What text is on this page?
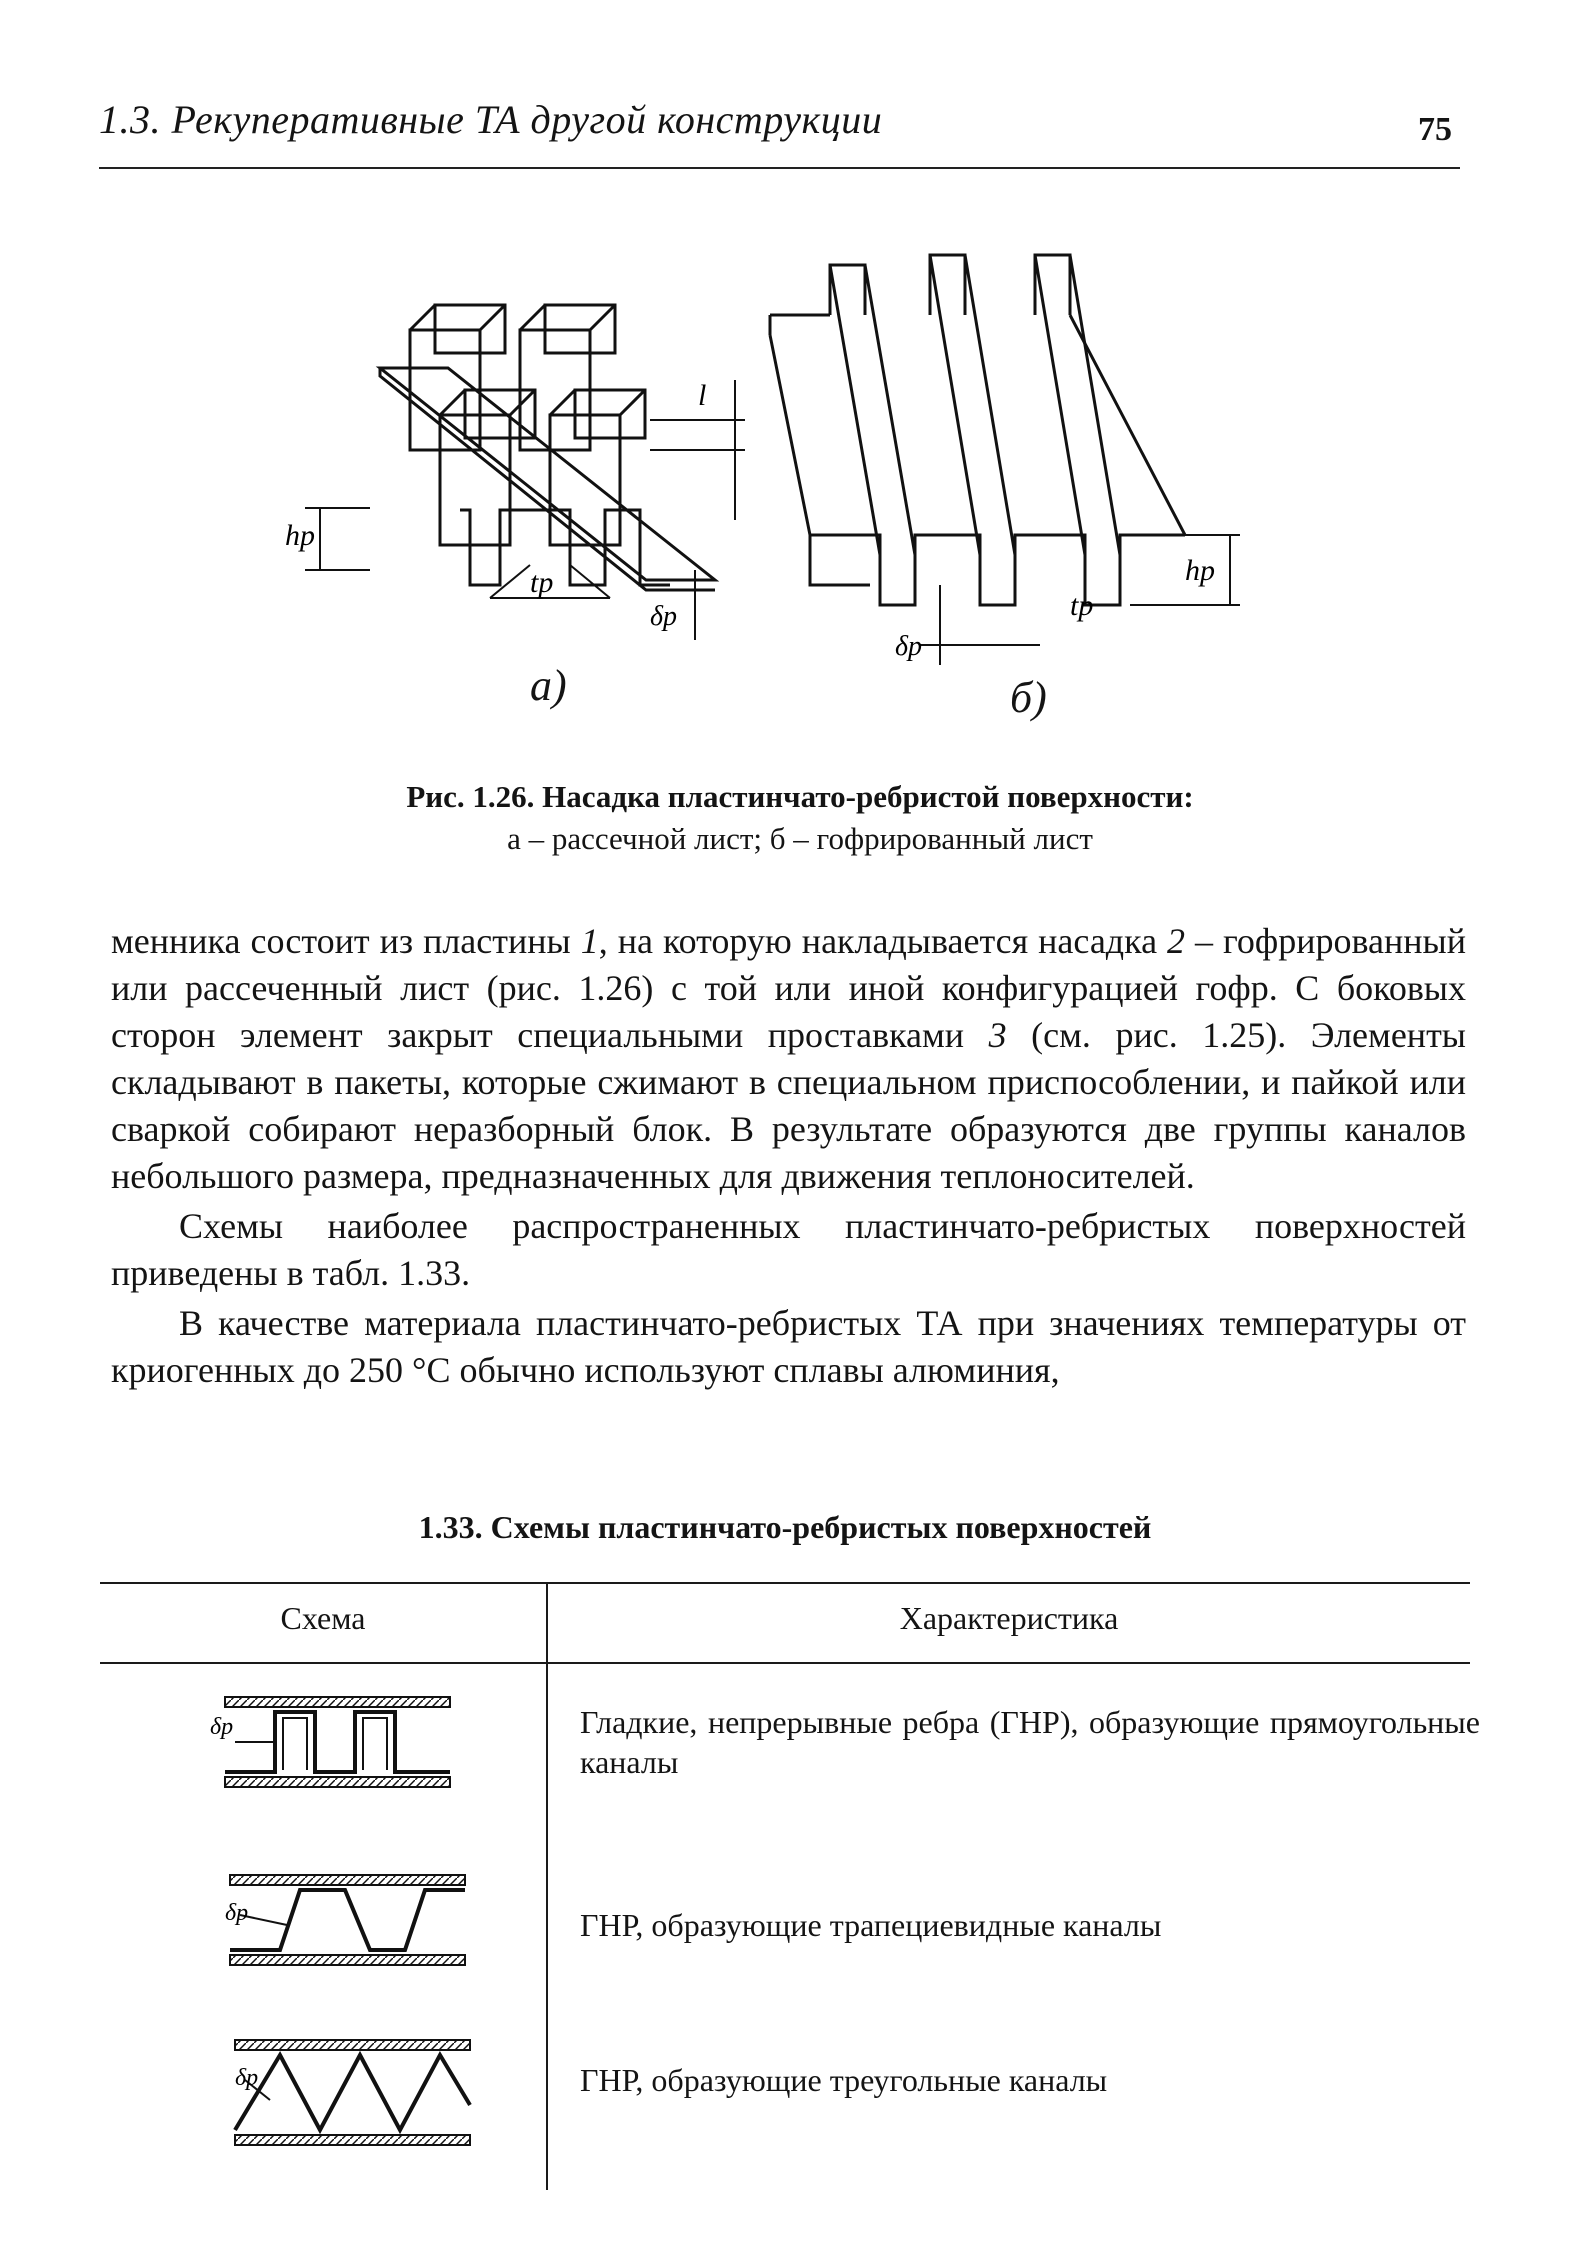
1.3. Рекуперативные ТА другой конструкции	75
hp
tp
δp
l
а)
hp
tp
δp
б)
Рис. 1.26. Насадка пластинчато-ребристой поверхности:
а – рассечной лист; б – гофрированный лист

менника состоит из пластины 1, на которую накладывается насадка 2 – гофрированный или рассеченный лист (рис. 1.26) с той или иной конфигурацией гофр. С боковых сторон элемент закрыт специальными проставками 3 (см. рис. 1.25). Элементы складывают в пакеты, которые сжимают в специальном приспособлении, и пайкой или сваркой собирают неразборный блок. В результате образуются две группы каналов небольшого размера, предназначенных для движения теплоносителей.

Схемы наиболее распространенных пластинчато-ребристых поверхностей приведены в табл. 1.33.

В качестве материала пластинчато-ребристых ТА при значениях температуры от криогенных до 250 °С обычно используют сплавы алюминия,

1.33. Схемы пластинчато-ребристых поверхностей
Схема	Характеристика
δp	Гладкие, непрерывные ребра (ГНР), образующие прямоугольные каналы
δp	ГНР, образующие трапециевидные каналы
δp	ГНР, образующие треугольные каналы
